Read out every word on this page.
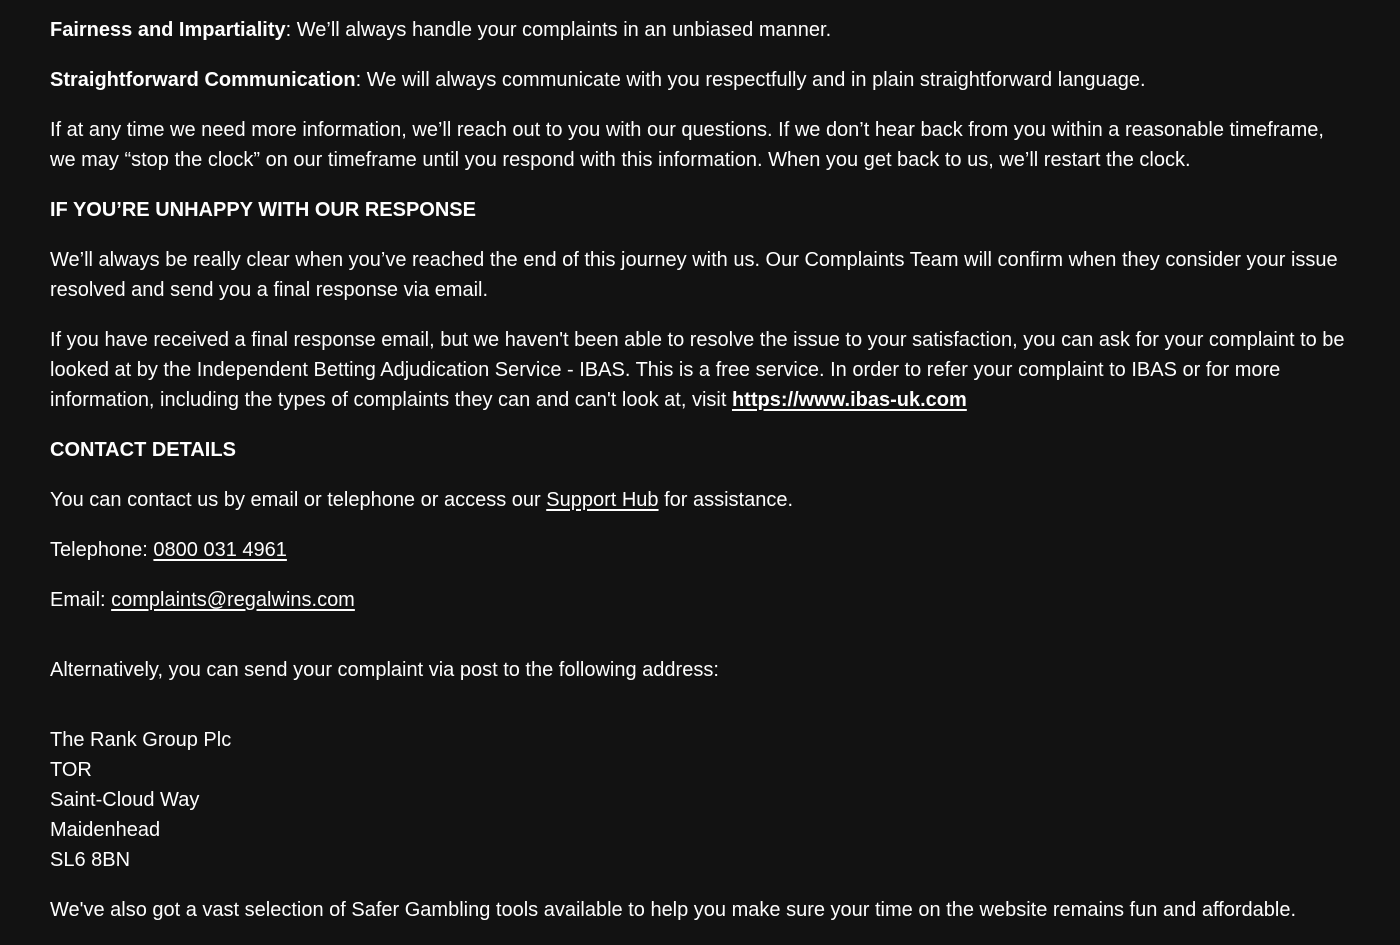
Fairness and Impartiality: We’ll always handle your complaints in an unbiased manner.

Straightforward Communication: We will always communicate with you respectfully and in plain straightforward language.

If at any time we need more information, we’ll reach out to you with our questions. If we don’t hear back from you within a reasonable timeframe, we may “stop the clock” on our timeframe until you respond with this information. When you get back to us, we’ll restart the clock.

IF YOU’RE UNHAPPY WITH OUR RESPONSE

We’ll always be really clear when you’ve reached the end of this journey with us. Our Complaints Team will confirm when they consider your issue resolved and send you a final response via email.

If you have received a final response email, but we haven't been able to resolve the issue to your satisfaction, you can ask for your complaint to be looked at by the Independent Betting Adjudication Service - IBAS. This is a free service. In order to refer your complaint to IBAS or for more information, including the types of complaints they can and can't look at, visit https://www.ibas-uk.com

CONTACT DETAILS

You can contact us by email or telephone or access our Support Hub for assistance.

Telephone: 0800 031 4961

Email: complaints@regalwins.com

Alternatively, you can send your complaint via post to the following address:

The Rank Group Plc
TOR
Saint-Cloud Way
Maidenhead
SL6 8BN

We've also got a vast selection of Safer Gambling tools available to help you make sure your time on the website remains fun and affordable.
